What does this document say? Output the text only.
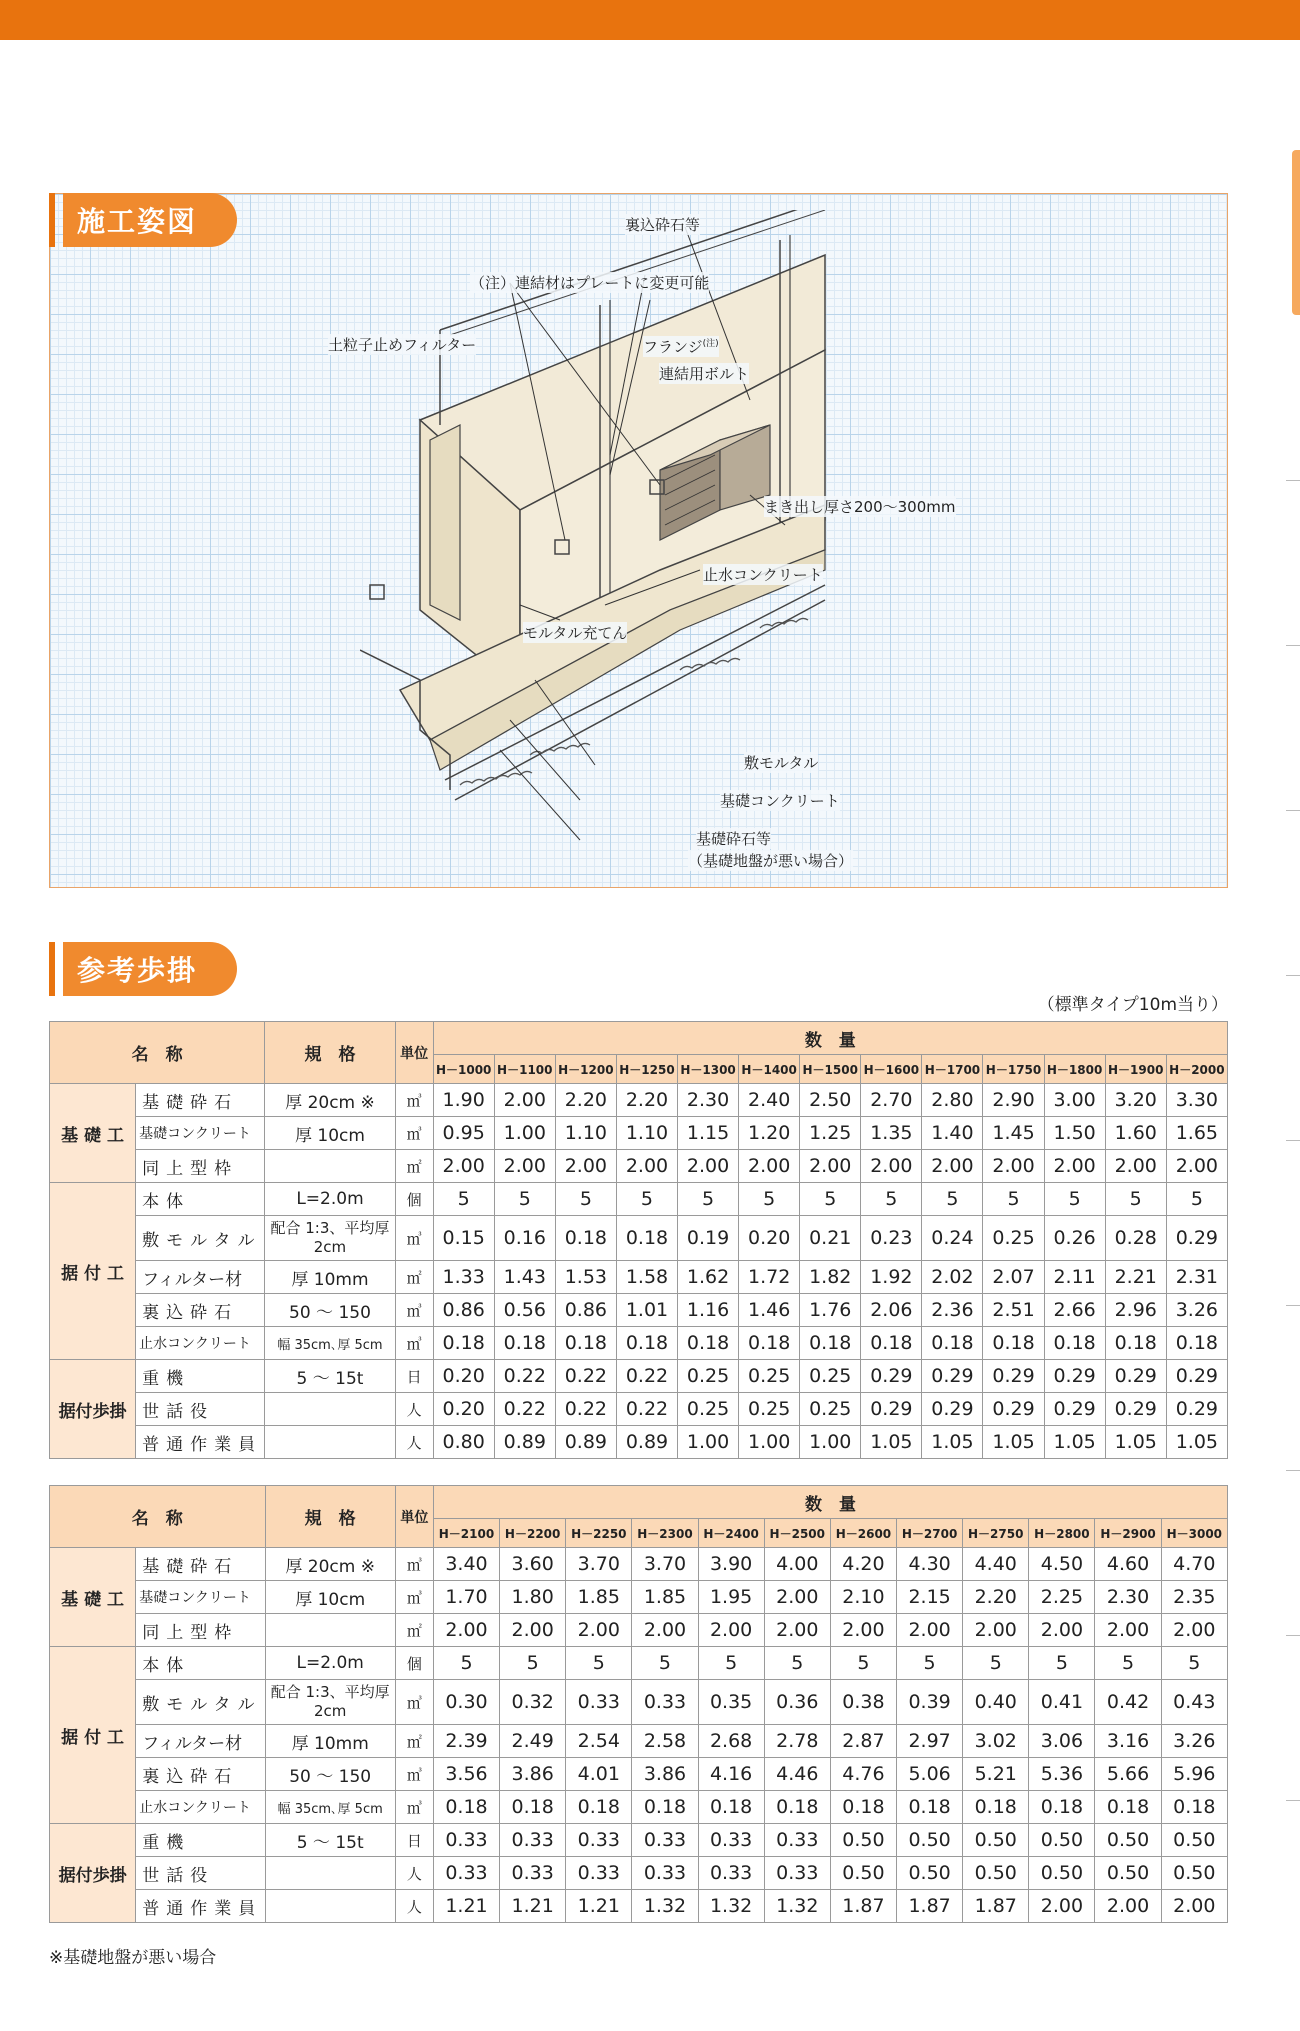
施工姿図	裏込砕石等
（注）連結材はプレートに変更可能
土粒子止めフィルター	フランジ$^{(注)}$
連結用ボルト
まき出し厚さ200～300mm
止水コンクリート
モルタル充てん
敷モルタル
基礎コンクリート
基礎砕石等
（基礎地盤が悪い場合）
参考歩掛
（標準タイプ10m当り）
名　称		規　格	単位	数　量												
				H－1000	H－1100	H－1200	H－1250	H－1300	H－1400	H－1500	H－1600	H－1700	H－1750	H－1800	H－1900	H－2000
基 礎 工	基礎砕石	厚 20cm ※	㎥	1.90	2.00	2.20	2.20	2.30	2.40	2.50	2.70	2.80	2.90	3.00	3.20	3.30
	基礎コンクリート	厚 10cm	㎥	0.95	1.00	1.10	1.10	1.15	1.20	1.25	1.35	1.40	1.45	1.50	1.60	1.65
	同上型枠		㎡	2.00	2.00	2.00	2.00	2.00	2.00	2.00	2.00	2.00	2.00	2.00	2.00	2.00
据 付 工	本体	L=2.0m	個	5	5	5	5	5	5	5	5	5	5	5	5	5
	敷モルタル	配合 1:3、平均厚 2cm	㎥	0.15	0.16	0.18	0.18	0.19	0.20	0.21	0.23	0.24	0.25	0.26	0.28	0.29
	フィルター材	厚 10mm	㎡	1.33	1.43	1.53	1.58	1.62	1.72	1.82	1.92	2.02	2.07	2.11	2.21	2.31
	裏込砕石	50 ～ 150	㎥	0.86	0.56	0.86	1.01	1.16	1.46	1.76	2.06	2.36	2.51	2.66	2.96	3.26
	止水コンクリート	幅 35cm､厚 5cm	㎥	0.18	0.18	0.18	0.18	0.18	0.18	0.18	0.18	0.18	0.18	0.18	0.18	0.18
据付歩掛	重機	5 ～ 15t	日	0.20	0.22	0.22	0.22	0.25	0.25	0.25	0.29	0.29	0.29	0.29	0.29	0.29
	世話役		人	0.20	0.22	0.22	0.22	0.25	0.25	0.25	0.29	0.29	0.29	0.29	0.29	0.29
	普通作業員		人	0.80	0.89	0.89	0.89	1.00	1.00	1.00	1.05	1.05	1.05	1.05	1.05	1.05
名　称		規　格	単位	数　量											
				H－2100	H－2200	H－2250	H－2300	H－2400	H－2500	H－2600	H－2700	H－2750	H－2800	H－2900	H－3000
基 礎 工	基礎砕石	厚 20cm ※	㎥	3.40	3.60	3.70	3.70	3.90	4.00	4.20	4.30	4.40	4.50	4.60	4.70
	基礎コンクリート	厚 10cm	㎥	1.70	1.80	1.85	1.85	1.95	2.00	2.10	2.15	2.20	2.25	2.30	2.35
	同上型枠		㎡	2.00	2.00	2.00	2.00	2.00	2.00	2.00	2.00	2.00	2.00	2.00	2.00
据 付 工	本体	L=2.0m	個	5	5	5	5	5	5	5	5	5	5	5	5
	敷モルタル	配合 1:3、平均厚 2cm	㎥	0.30	0.32	0.33	0.33	0.35	0.36	0.38	0.39	0.40	0.41	0.42	0.43
	フィルター材	厚 10mm	㎡	2.39	2.49	2.54	2.58	2.68	2.78	2.87	2.97	3.02	3.06	3.16	3.26
	裏込砕石	50 ～ 150	㎥	3.56	3.86	4.01	3.86	4.16	4.46	4.76	5.06	5.21	5.36	5.66	5.96
	止水コンクリート	幅 35cm､厚 5cm	㎥	0.18	0.18	0.18	0.18	0.18	0.18	0.18	0.18	0.18	0.18	0.18	0.18
据付歩掛	重機	5 ～ 15t	日	0.33	0.33	0.33	0.33	0.33	0.33	0.50	0.50	0.50	0.50	0.50	0.50
	世話役		人	0.33	0.33	0.33	0.33	0.33	0.33	0.50	0.50	0.50	0.50	0.50	0.50
	普通作業員		人	1.21	1.21	1.21	1.32	1.32	1.32	1.87	1.87	1.87	2.00	2.00	2.00
※基礎地盤が悪い場合
